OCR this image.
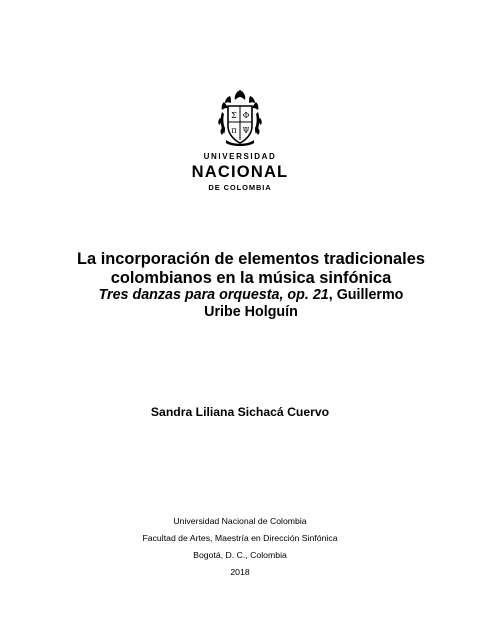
Σ Φ
π Ψ
UNIVERSIDAD
NACIONAL
DE COLOMBIA
La incorporación de elementos tradicionales
colombianos en la música sinfónica
Tres danzas para orquesta, op. 21, Guillermo
Uribe Holguín
Sandra Liliana Sichacá Cuervo
Universidad Nacional de Colombia
Facultad de Artes, Maestría en Dirección Sinfónica
Bogotá, D. C., Colombia
2018
